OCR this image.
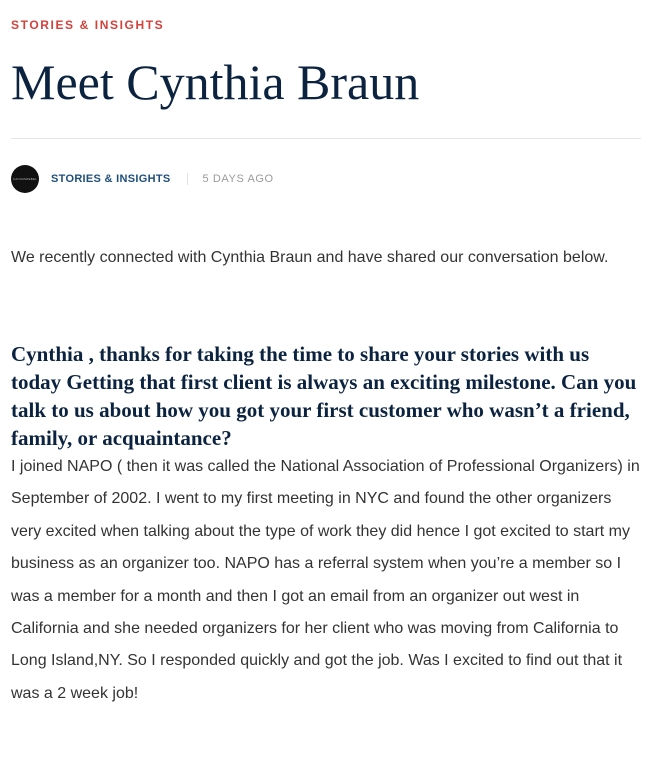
STORIES & INSIGHTS
Meet Cynthia Braun
CANVASREBEL STORIES & INSIGHTS	5 DAYS AGO

We recently connected with Cynthia Braun and have shared our conversation below.

Cynthia , thanks for taking the time to share your stories with us today Getting that first client is always an exciting milestone. Can you talk to us about how you got your first customer who wasn’t a friend, family, or acquaintance?

I joined NAPO ( then it was called the National Association of Professional Organizers) in September of 2002. I went to my first meeting in NYC and found the other organizers very excited when talking about the type of work they did hence I got excited to start my business as an organizer too. NAPO has a referral system when you’re a member so I was a member for a month and then I got an email from an organizer out west in California and she needed organizers for her client who was moving from California to Long Island,NY. So I responded quickly and got the job. Was I excited to find out that it was a 2 week job!
